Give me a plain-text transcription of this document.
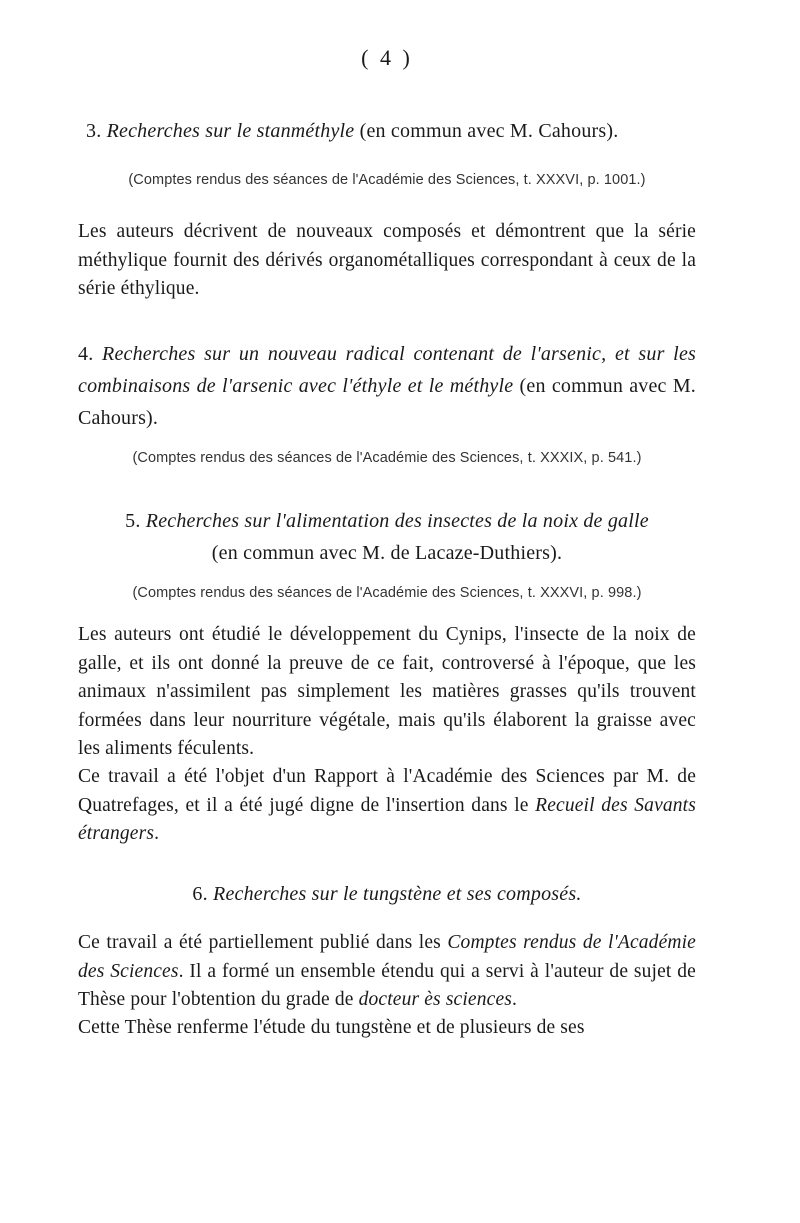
( 4 )
3. Recherches sur le stanméthyle (en commun avec M. Cahours).
(Comptes rendus des séances de l'Académie des Sciences, t. XXXVI, p. 1001.)
Les auteurs décrivent de nouveaux composés et démontrent que la série méthylique fournit des dérivés organométalliques correspondant à ceux de la série éthylique.
4. Recherches sur un nouveau radical contenant de l'arsenic, et sur les combinaisons de l'arsenic avec l'éthyle et le méthyle (en commun avec M. Cahours).
(Comptes rendus des séances de l'Académie des Sciences, t. XXXIX, p. 541.)
5. Recherches sur l'alimentation des insectes de la noix de galle
(en commun avec M. de Lacaze-Duthiers).
(Comptes rendus des séances de l'Académie des Sciences, t. XXXVI, p. 998.)
Les auteurs ont étudié le développement du Cynips, l'insecte de la noix de galle, et ils ont donné la preuve de ce fait, controversé à l'époque, que les animaux n'assimilent pas simplement les matières grasses qu'ils trouvent formées dans leur nourriture végétale, mais qu'ils élaborent la graisse avec les aliments féculents.
Ce travail a été l'objet d'un Rapport à l'Académie des Sciences par M. de Quatrefages, et il a été jugé digne de l'insertion dans le Recueil des Savants étrangers.
6. Recherches sur le tungstène et ses composés.
Ce travail a été partiellement publié dans les Comptes rendus de l'Académie des Sciences. Il a formé un ensemble étendu qui a servi à l'auteur de sujet de Thèse pour l'obtention du grade de docteur ès sciences.
Cette Thèse renferme l'étude du tungstène et de plusieurs de ses
